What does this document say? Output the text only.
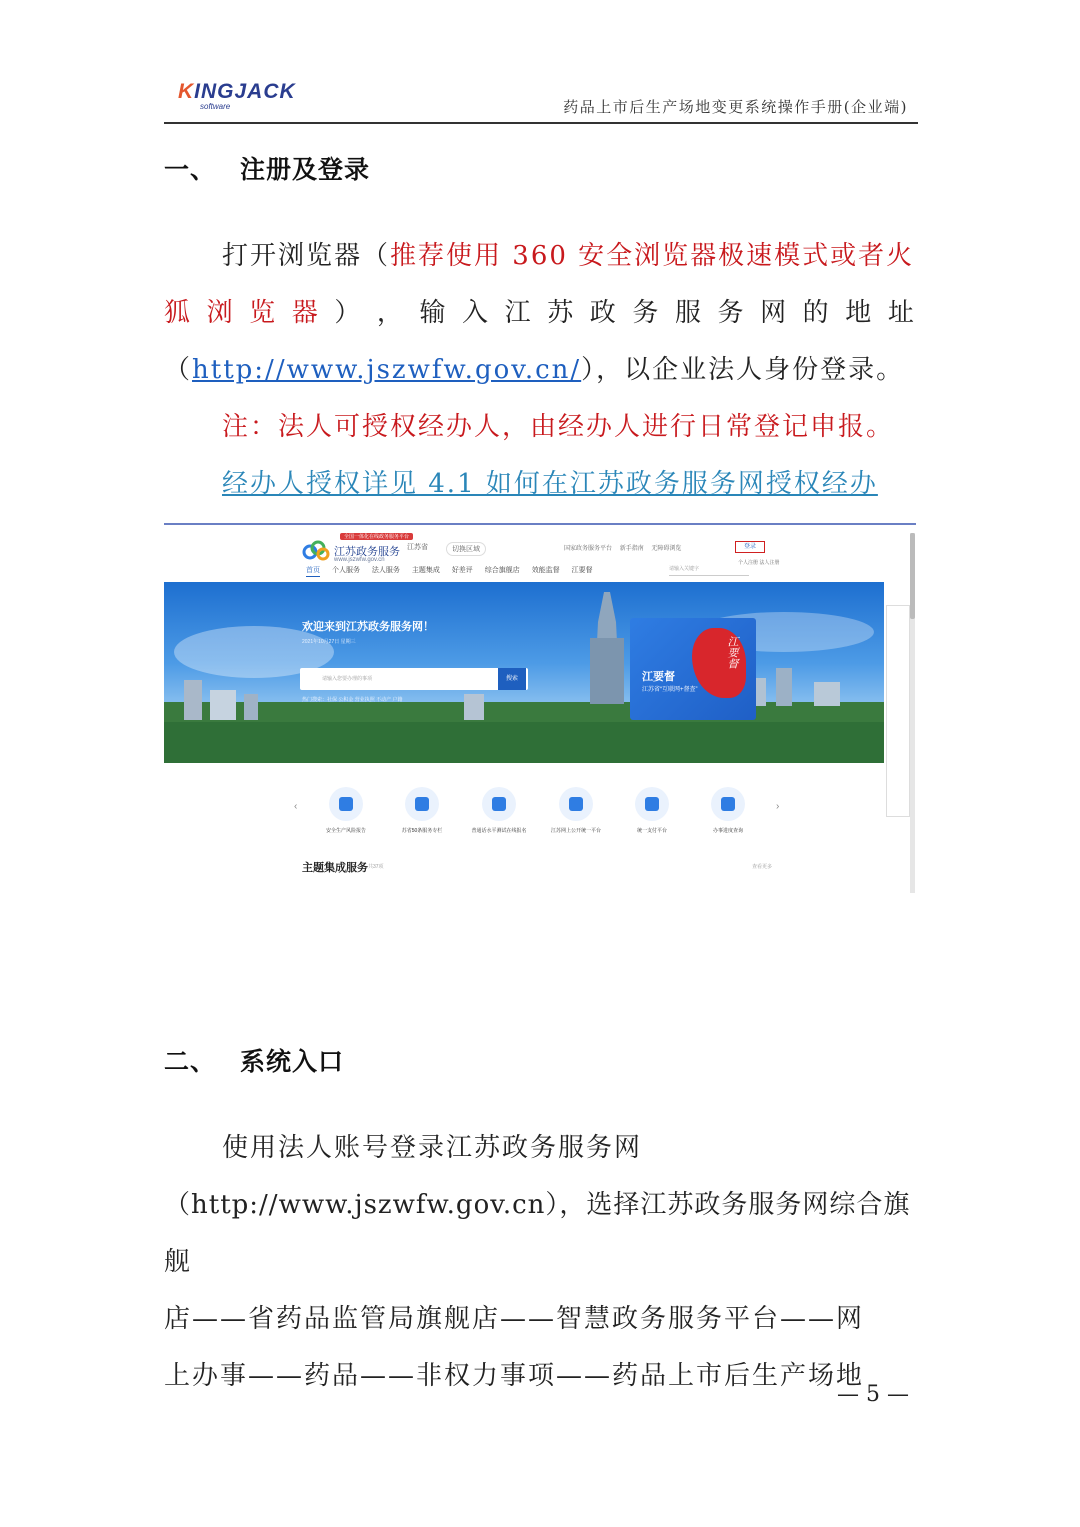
KINGJACK
software	药品上市后生产场地变更系统操作手册(企业端)
一、 注册及登录
打开浏览器（推荐使用 360 安全浏览器极速模式或者火
狐 浏 览 器 ） ， 输 入 江 苏 政 务 服 务 网 的 地 址
（http://www.jszwfw.gov.cn/），以企业法人身份登录。
注：法人可授权经办人，由经办人进行日常登记申报。
经办人授权详见 4.1 如何在江苏政务服务网授权经办
全国一体化在线政务服务平台
江苏政务服务
www.jszwfw.gov.cn
江苏省	切换区域	国家政务服务平台 新手指南 无障碍浏览	登录
个人注册 法人注册
首页 个人服务 法人服务 主题集成 好差评 综合旗舰店 效能监督 江要督	请输入关键字
欢迎来到江苏政务服务网！
2021年10月27日 星期三
请输入您要办理的事项	搜索
热门搜索：社保 公积金 营业执照 不动产 户籍
江要督
江要督
江苏省“互联网+督查”
‹	›
安全生产风险报告	苏省50条服务专栏	普通话水平测试在线报名	江苏网上公开统一平台	统一支付平台	办事进度查询
主题集成服务 共37项	查看更多
二、 系统入口
使用法人账号登录江苏政务服务网
（http://www.jszwfw.gov.cn），选择江苏政务服务网综合旗舰
店——省药品监管局旗舰店——智慧政务服务平台——网
上办事——药品——非权力事项——药品上市后生产场地
— 5 —
